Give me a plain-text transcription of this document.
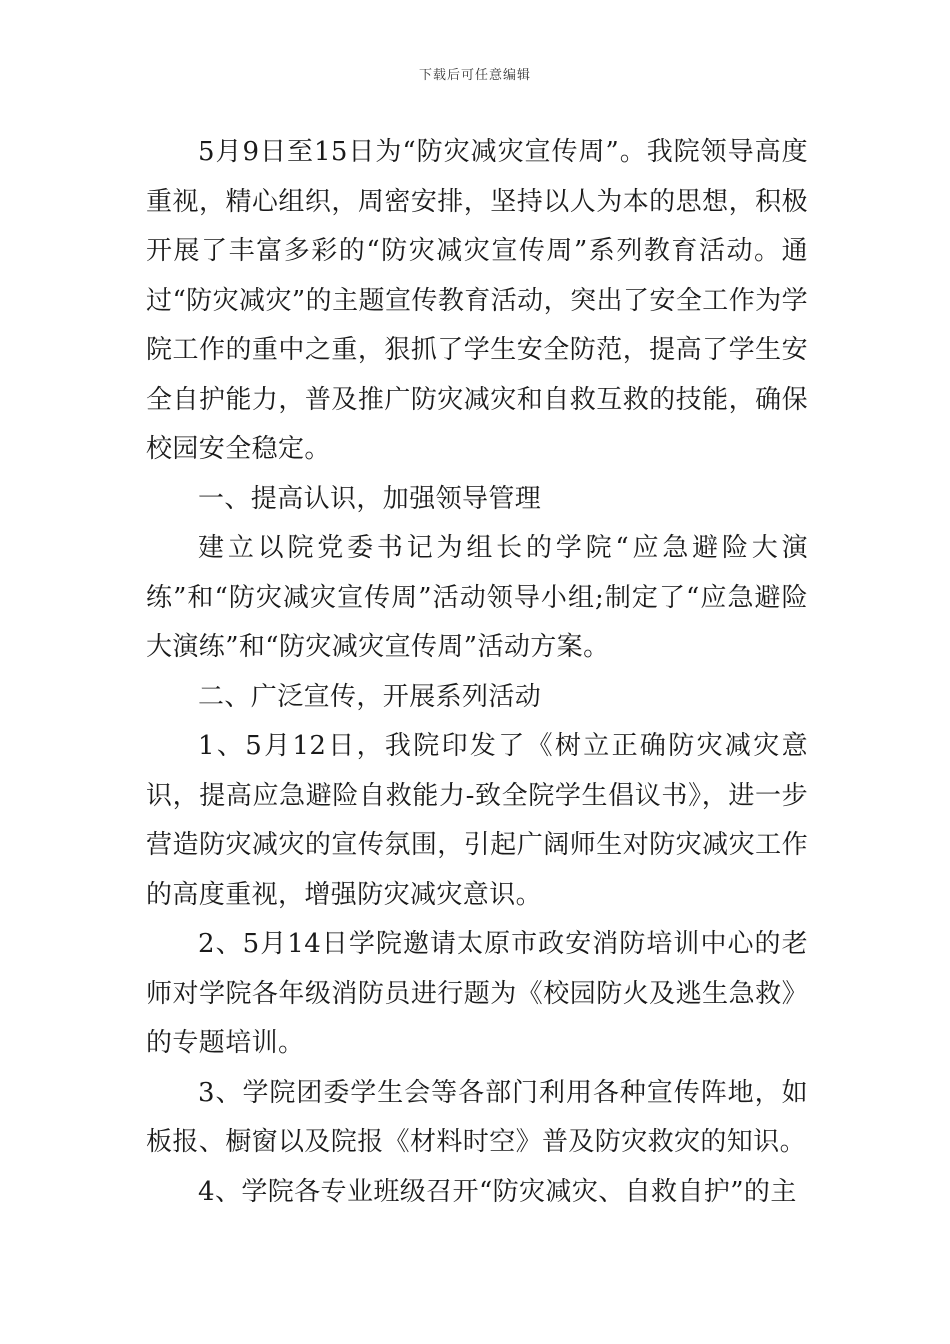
下载后可任意编辑

5月9日至15日为“防灾减灾宣传周”。我院领导高度重视，精心组织，周密安排，坚持以人为本的思想，积极开展了丰富多彩的“防灾减灾宣传周”系列教育活动。通过“防灾减灾”的主题宣传教育活动，突出了安全工作为学院工作的重中之重，狠抓了学生安全防范，提高了学生安全自护能力，普及推广防灾减灾和自救互救的技能，确保校园安全稳定。

一、提高认识，加强领导管理

建立以院党委书记为组长的学院“应急避险大演练”和“防灾减灾宣传周”活动领导小组;制定了“应急避险大演练”和“防灾减灾宣传周”活动方案。

二、广泛宣传，开展系列活动

1、5月12日，我院印发了《树立正确防灾减灾意识，提高应急避险自救能力-致全院学生倡议书》，进一步营造防灾减灾的宣传氛围，引起广阔师生对防灾减灾工作的高度重视，增强防灾减灾意识。

2、5月14日学院邀请太原市政安消防培训中心的老师对学院各年级消防员进行题为《校园防火及逃生急救》的专题培训。

3、学院团委学生会等各部门利用各种宣传阵地，如板报、橱窗以及院报《材料时空》普及防灾救灾的知识。

4、学院各专业班级召开“防灾减灾、自救自护”的主
